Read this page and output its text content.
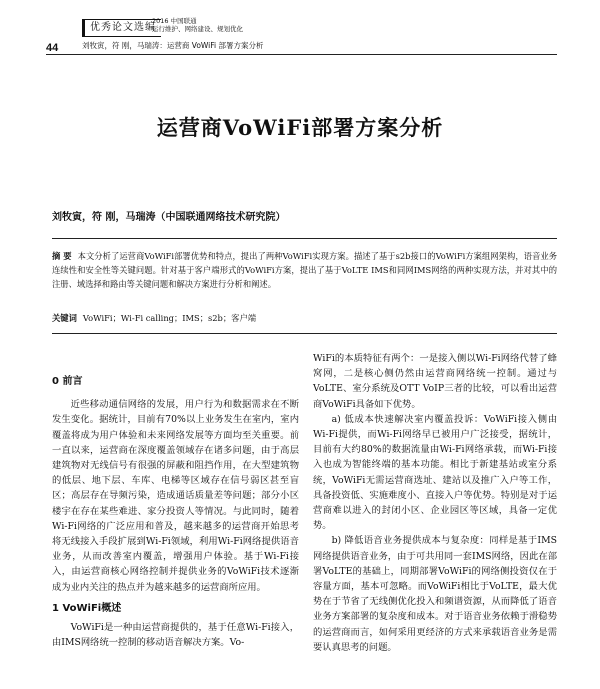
44
优秀论文选编
2016 中国联通
运行维护、网络建设、规划优化
刘牧寅，符 刚，马瑞涛：运营商 VoWiFi 部署方案分析
运营商VoWiFi部署方案分析
刘牧寅，符 刚，马瑞涛（中国联通网络技术研究院）
摘 要 本文分析了运营商VoWiFi部署优势和特点，提出了两种VoWiFi实现方案。描述了基于s2b接口的VoWiFi方案组网架构，语音业务连续性和安全性等关键问题。针对基于客户端形式的VoWiFi方案，提出了基于VoLTE IMS和同网IMS网络的两种实现方法，并对其中的注册、域选择和路由等关键问题和解决方案进行分析和阐述。
关键词 VoWiFi；Wi-Fi calling；IMS；s2b；客户端
0 前言

近些移动通信网络的发展，用户行为和数据需求在不断发生变化。据统计，目前有70%以上业务发生在室内，室内覆盖将成为用户体验和未来网络发展等方面均至关重要。前一直以来，运营商在深度覆盖领域存在诸多问题，由于高层建筑物对无线信号有很强的屏蔽和阻挡作用，在大型建筑物的低层、地下层、车库、电梯等区域存在信号弱区甚至盲区；高层存在导频污染，造成通话质量差等问题；部分小区楼宇在存在某些难进、家分投资人等情况。与此同时，随着Wi-Fi网络的广泛应用和普及，越来越多的运营商开始思考将无线接入手段扩展到Wi-Fi领域，利用Wi-Fi网络提供语音业务，从而改善室内覆盖，增强用户体验。基于Wi-Fi接入，由运营商核心网络控制并提供业务的VoWiFi技术逐渐成为业内关注的热点并为越来越多的运营商所应用。

1 VoWiFi概述

VoWiFi是一种由运营商提供的，基于任意Wi-Fi接入，由IMS网络统一控制的移动语音解决方案。Vo-

WiFi的本质特征有两个：一是接入侧以Wi-Fi网络代替了蜂窝网，二是核心侧仍然由运营商网络统一控制。通过与VoLTE、室分系统及OTT VoIP三者的比较，可以看出运营商VoWiFi具备如下优势。

a) 低成本快速解决室内覆盖投诉：VoWiFi接入侧由Wi-Fi提供，而Wi-Fi网络早已被用户广泛接受，据统计，目前有大约80%的数据流量由Wi-Fi网络承载，而Wi-Fi接入也成为智能终端的基本功能。相比于新建基站或室分系统，VoWiFi无需运营商选址、建站以及推广入户等工作，具备投资低、实施难度小、直接入户等优势。特别是对于运营商难以进入的封闭小区、企业园区等区域，具备一定优势。

b) 降低语音业务提供成本与复杂度：同样是基于IMS网络提供语音业务，由于可共用同一套IMS网络，因此在部署VoLTE的基础上，同期部署VoWiFi的网络侧投资仅在于容量方面，基本可忽略。而VoWiFi相比于VoLTE，最大优势在于节省了无线侧优化投入和频谱资源，从而降低了语音业务方案部署的复杂度和成本。对于语音业务依赖于滑稳势的运营商而言，如何采用更经济的方式来承载语音业务是需要认真思考的问题。
